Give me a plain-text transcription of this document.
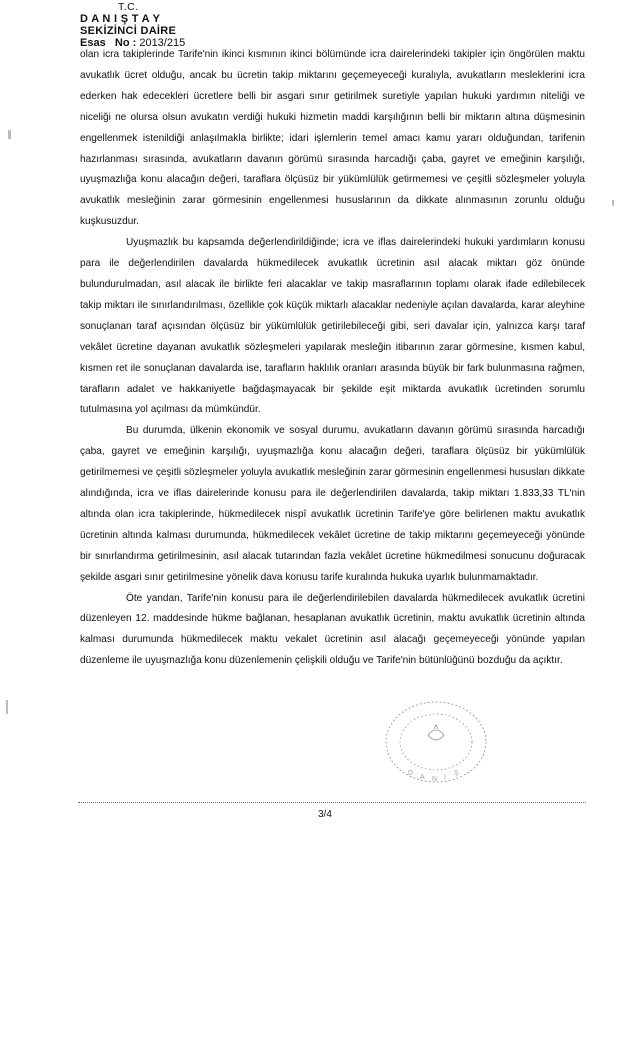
T.C.
D A N I Ş T A Y
SEKİZİNCİ DAİRE
Esas No : 2013/215

olan icra takiplerinde Tarife'nin ikinci kısmının ikinci bölümünde icra dairelerindeki takipler için öngörülen maktu avukatlık ücret olduğu, ancak bu ücretin takip miktarını geçemeyeceği kuralıyla, avukatların mesleklerini icra ederken hak edecekleri ücretlere belli bir asgari sınır getirilmek suretiyle yapılan hukuki yardımın niteliği ve niceliği ne olursa olsun avukatın verdiği hukuki hizmetin maddi karşılığının belli bir miktarın altına düşmesinin engellenmek istenildiği anlaşılmakla birlikte; idari işlemlerin temel amacı kamu yararı olduğundan, tarifenin hazırlanması sırasında, avukatların davanın görümü sırasında harcadığı çaba, gayret ve emeğinin karşılığı, uyuşmazlığa konu alacağın değeri, taraflara ölçüsüz bir yükümlülük getirmemesi ve çeşitli sözleşmeler yoluyla avukatlık mesleğinin zarar görmesinin engellenmesi hususlarının da dikkate alınmasının zorunlu olduğu kuşkusuzdur.

Uyuşmazlık bu kapsamda değerlendirildiğinde; icra ve iflas dairelerindeki hukuki yardımların konusu para ile değerlendirilen davalarda hükmedilecek avukatlık ücretinin asıl alacak miktarı göz önünde bulundurulmadan, asıl alacak ile birlikte feri alacaklar ve takip masraflarının toplamı olarak ifade edilebilecek takip miktarı ile sınırlandırılması, özellikle çok küçük miktarlı alacaklar nedeniyle açılan davalarda, karar aleyhine sonuçlanan taraf açısından ölçüsüz bir yükümlülük getirilebileceği gibi, seri davalar için, yalnızca karşı taraf vekâlet ücretine dayanan avukatlık sözleşmeleri yapılarak mesleğin itibarının zarar görmesine, kısmen kabul, kısmen ret ile sonuçlanan davalarda ise, tarafların haklılık oranları arasında büyük bir fark bulunmasına rağmen, tarafların adalet ve hakkaniyetle bağdaşmayacak bir şekilde eşit miktarda avukatlık ücretinden sorumlu tutulmasına yol açılması da mümkündür.

Bu durumda, ülkenin ekonomik ve sosyal durumu, avukatların davanın görümü sırasında harcadığı çaba, gayret ve emeğinin karşılığı, uyuşmazlığa konu alacağın değeri, taraflara ölçüsüz bir yükümlülük getirilmemesi ve çeşitli sözleşmeler yoluyla avukatlık mesleğinin zarar görmesinin engellenmesi hususları dikkate alındığında, icra ve iflas dairelerinde konusu para ile değerlendirilen davalarda, takip miktarı 1.833,33 TL'nin altında olan icra takiplerinde, hükmedilecek nispî avukatlık ücretinin Tarife'ye göre belirlenen maktu avukatlık ücretinin altında kalması durumunda, hükmedilecek vekâlet ücretine de takip miktarını geçemeyeceği yönünde bir sınırlandırma getirilmesinin, asıl alacak tutarından fazla vekâlet ücretine hükmedilmesi sonucunu doğuracak şekilde asgari sınır getirilmesine yönelik dava konusu tarife kuralında hukuka uyarlık bulunmamaktadır.

Öte yandan, Tarife'nin konusu para ile değerlendirilebilen davalarda hükmedilecek avukatlık ücretini düzenleyen 12. maddesinde hükme bağlanan, hesaplanan avukatlık ücretinin, maktu avukatlık ücretinin altında kalması durumunda hükmedilecek maktu vekalet ücretinin asıl alacağı geçemeyeceği yönünde yapılan düzenleme ile uyuşmazlığa konu düzenlemenin çelişkili olduğu ve Tarife'nin bütünlüğünü bozduğu da açıktır.

D
A N I
Ş
3/4
